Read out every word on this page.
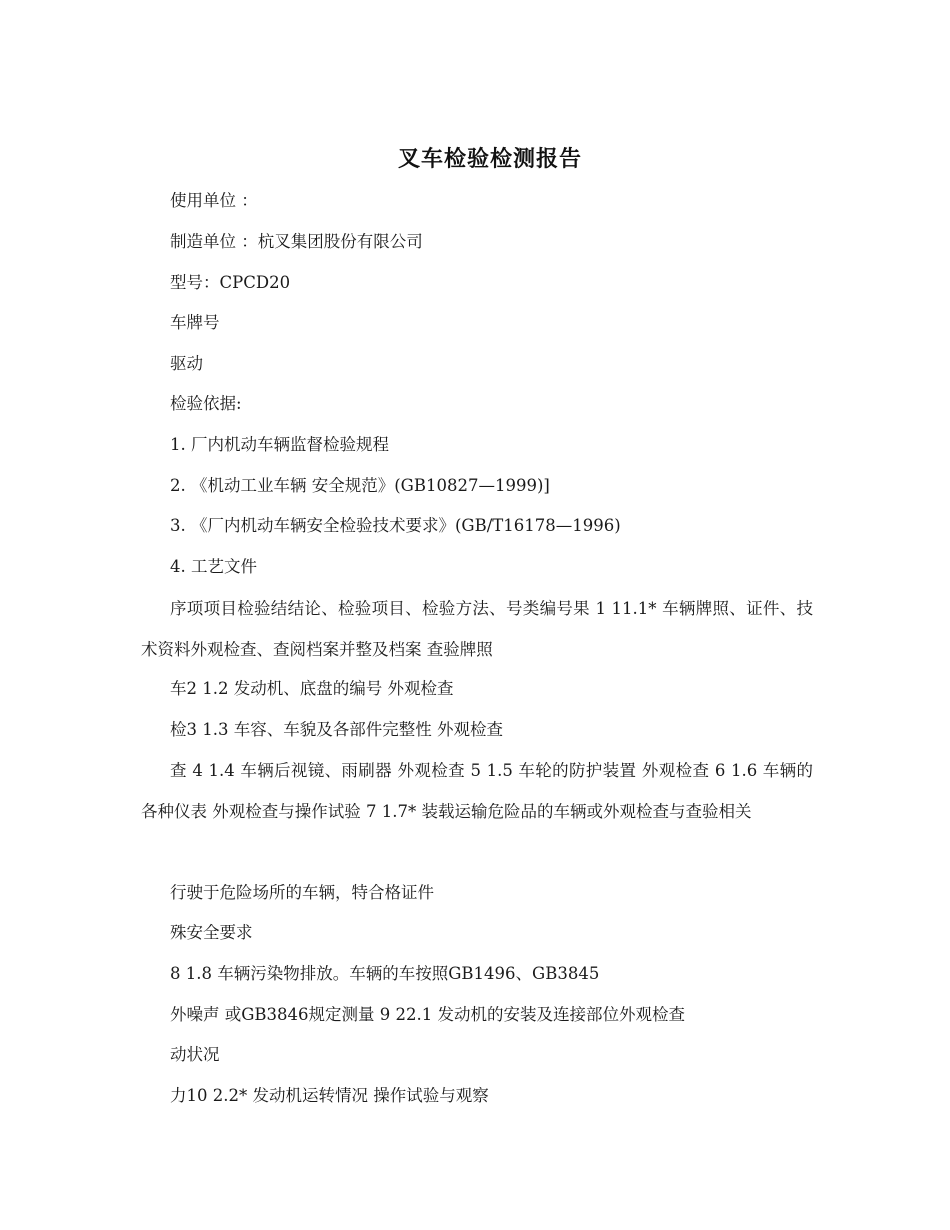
叉车检验检测报告
使用单位 ：
制造单位 ：杭叉集团股份有限公司
型号：CPCD20
车牌号
驱动
检验依据:
1. 厂内机动车辆监督检验规程
2. 《机动工业车辆 安全规范》(GB10827—1999)]
3. 《厂内机动车辆安全检验技术要求》(GB/T16178—1996)
4. 工艺文件
序项项目检验结结论、检验项目、检验方法、号类编号果 1 11.1* 车辆牌照、证件、技术资料外观检查、查阅档案并整及档案 查验牌照
车2 1.2 发动机、底盘的编号 外观检查
检3 1.3 车容、车貌及各部件完整性 外观检查
查 4 1.4 车辆后视镜、雨刷器 外观检查 5 1.5 车轮的防护装置 外观检查 6 1.6 车辆的各种仪表 外观检查与操作试验 7 1.7* 装载运输危险品的车辆或外观检查与查验相关
行驶于危险场所的车辆，特合格证件
殊安全要求
8 1.8 车辆污染物排放。车辆的车按照GB1496、GB3845
外噪声 或GB3846规定测量 9 22.1 发动机的安装及连接部位外观检查
动状况
力10 2.2* 发动机运转情况 操作试验与观察
